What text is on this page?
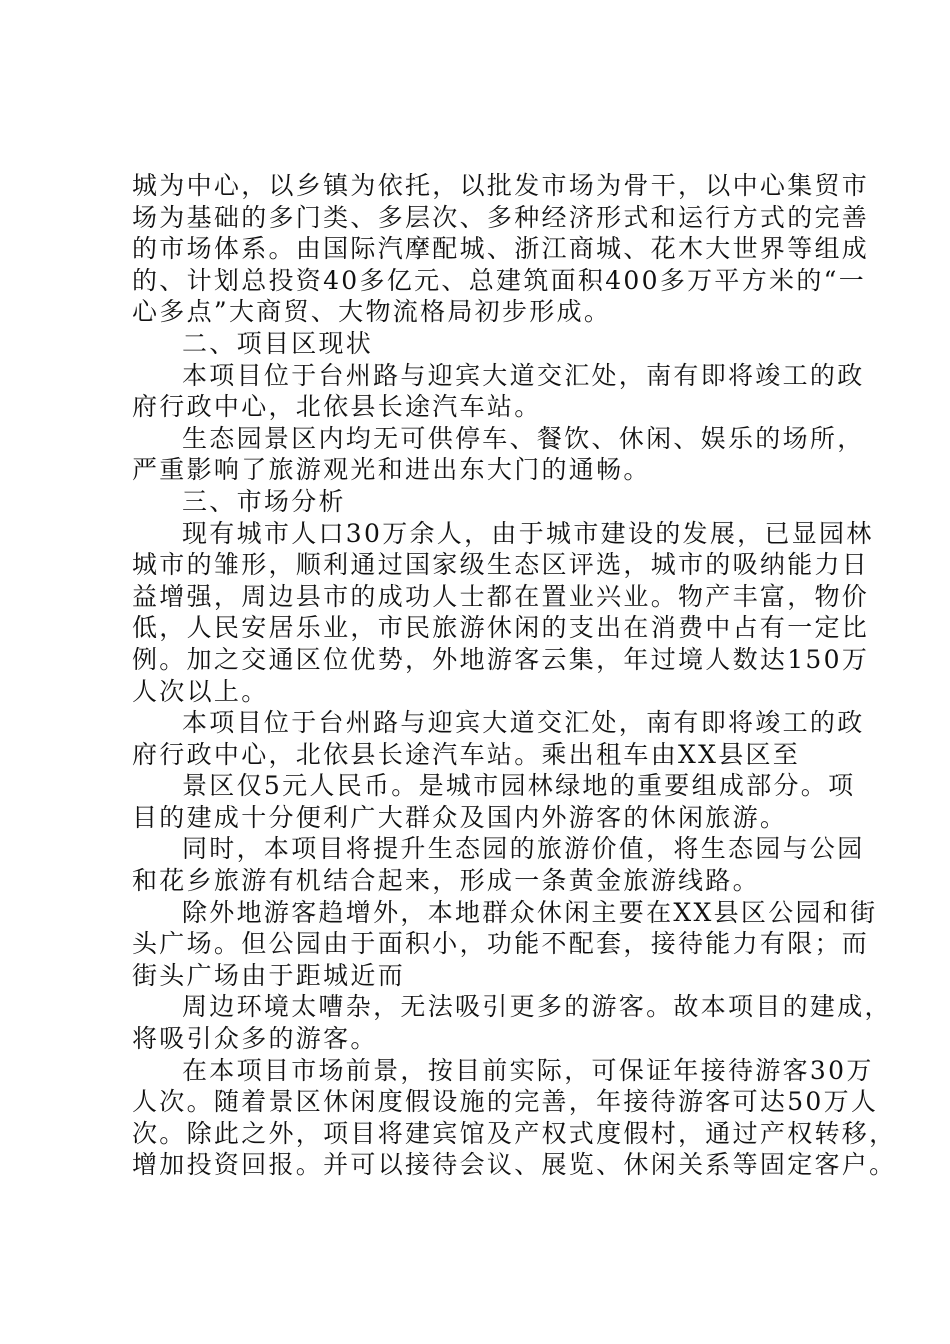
城为中心，以乡镇为依托，以批发市场为骨干，以中心集贸市
场为基础的多门类、多层次、多种经济形式和运行方式的完善
的市场体系。由国际汽摩配城、浙江商城、花木大世界等组成
的、计划总投资40多亿元、总建筑面积400多万平方米的“一
心多点”大商贸、大物流格局初步形成。
二、项目区现状
本项目位于台州路与迎宾大道交汇处，南有即将竣工的政
府行政中心，北依县长途汽车站。
生态园景区内均无可供停车、餐饮、休闲、娱乐的场所，
严重影响了旅游观光和进出东大门的通畅。
三、市场分析
现有城市人口30万余人，由于城市建设的发展，已显园林
城市的雏形，顺利通过国家级生态区评选，城市的吸纳能力日
益增强，周边县市的成功人士都在置业兴业。物产丰富，物价
低，人民安居乐业，市民旅游休闲的支出在消费中占有一定比
例。加之交通区位优势，外地游客云集，年过境人数达150万
人次以上。
本项目位于台州路与迎宾大道交汇处，南有即将竣工的政
府行政中心，北依县长途汽车站。乘出租车由XX县区至
景区仅5元人民币。是城市园林绿地的重要组成部分。项
目的建成十分便利广大群众及国内外游客的休闲旅游。
同时，本项目将提升生态园的旅游价值，将生态园与公园
和花乡旅游有机结合起来，形成一条黄金旅游线路。
除外地游客趋增外，本地群众休闲主要在XX县区公园和街
头广场。但公园由于面积小，功能不配套，接待能力有限；而
街头广场由于距城近而
周边环境太嘈杂，无法吸引更多的游客。故本项目的建成，
将吸引众多的游客。
在本项目市场前景，按目前实际，可保证年接待游客30万
人次。随着景区休闲度假设施的完善，年接待游客可达50万人
次。除此之外，项目将建宾馆及产权式度假村，通过产权转移，
增加投资回报。并可以接待会议、展览、休闲关系等固定客户。
